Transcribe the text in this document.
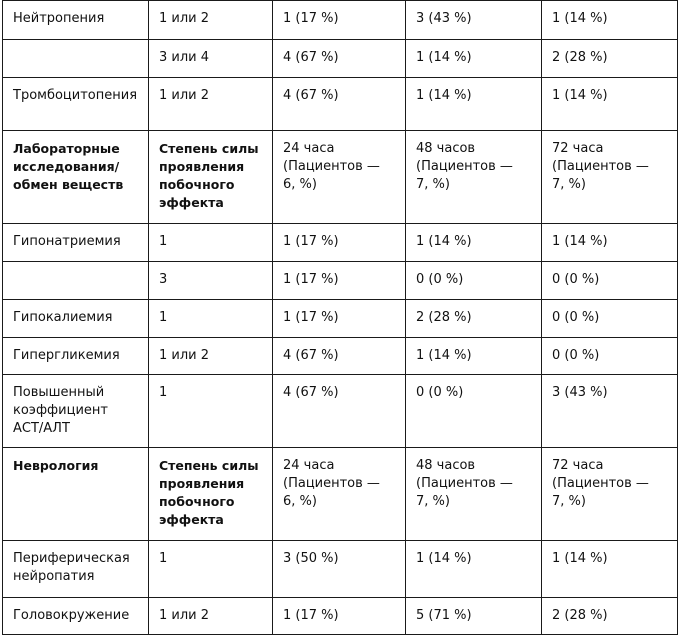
Нейтропения	1 или 2	1 (17 %)	3 (43 %)	1 (14 %)
	3 или 4	4 (67 %)	1 (14 %)	2 (28 %)
Тромбоцитопения	1 или 2	4 (67 %)	1 (14 %)	1 (14 %)
Лабораторные
исследования/
обмен веществ	Степень силы
проявления
побочного
эффекта	24 часа
(Пациентов —
6, %)	48 часов
(Пациентов —
7, %)	72 часа
(Пациентов —
7, %)
Гипонатриемия	1	1 (17 %)	1 (14 %)	1 (14 %)
	3	1 (17 %)	0 (0 %)	0 (0 %)
Гипокалиемия	1	1 (17 %)	2 (28 %)	0 (0 %)
Гипергликемия	1 или 2	4 (67 %)	1 (14 %)	0 (0 %)
Повышенный
коэффициент
АСТ/АЛТ	1	4 (67 %)	0 (0 %)	3 (43 %)
Неврология	Степень силы
проявления
побочного
эффекта	24 часа
(Пациентов —
6, %)	48 часов
(Пациентов —
7, %)	72 часа
(Пациентов —
7, %)
Периферическая
нейропатия	1	3 (50 %)	1 (14 %)	1 (14 %)
Головокружение	1 или 2	1 (17 %)	5 (71 %)	2 (28 %)
